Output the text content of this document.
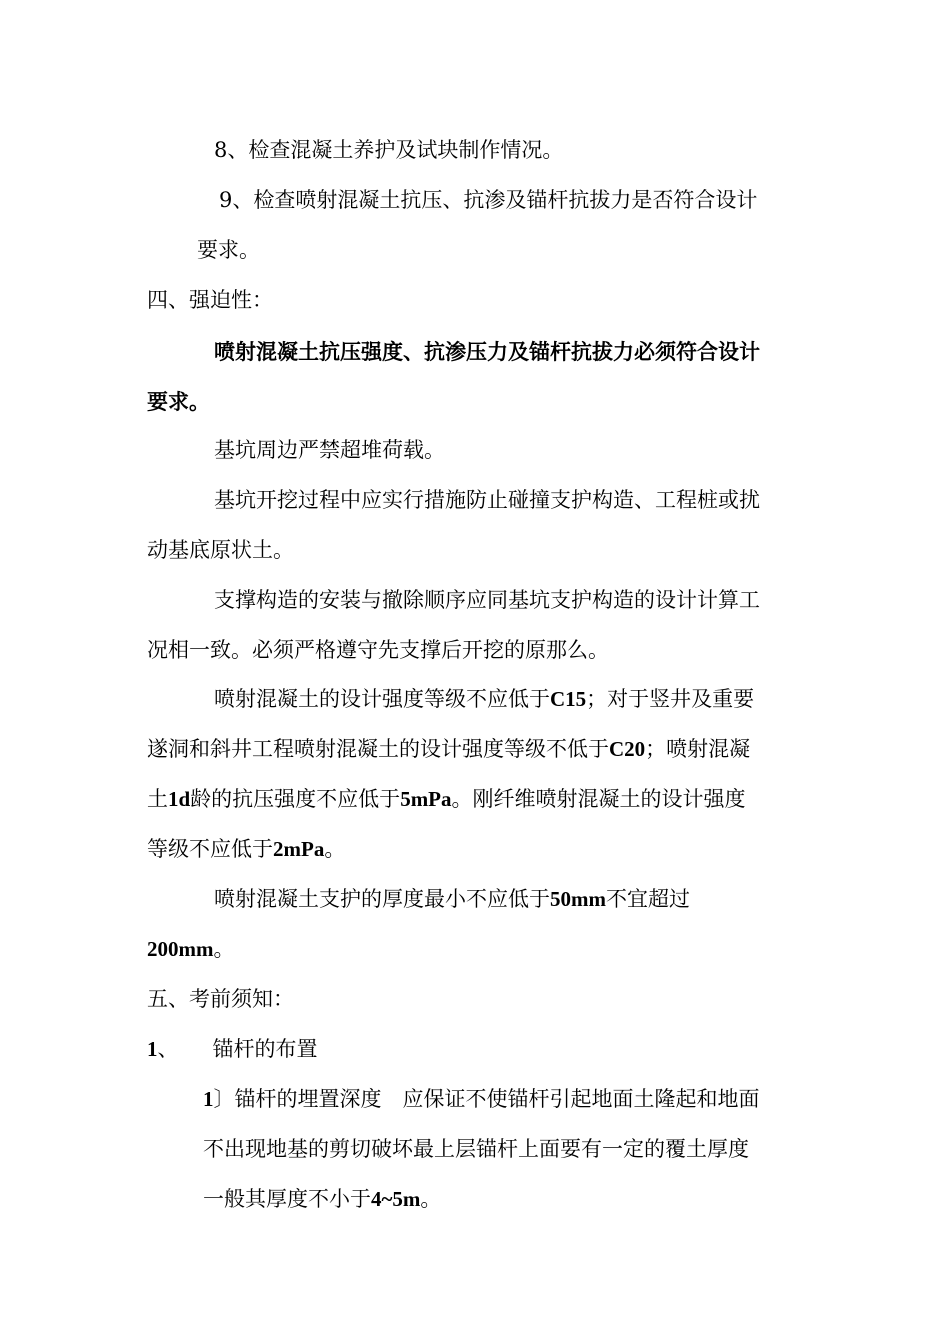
8、检查混凝土养护及试块制作情况。
9、检查喷射混凝土抗压、抗渗及锚杆抗拔力是否符合设计
要求。
四、强迫性：
喷射混凝土抗压强度、抗渗压力及锚杆抗拔力必须符合设计
要求。
基坑周边严禁超堆荷载。
基坑开挖过程中应实行措施防止碰撞支护构造、工程桩或扰
动基底原状土。
支撑构造的安装与撤除顺序应同基坑支护构造的设计计算工
况相一致。必须严格遵守先支撑后开挖的原那么。
喷射混凝土的设计强度等级不应低于C15；对于竖井及重要
遂洞和斜井工程喷射混凝土的设计强度等级不低于C20；喷射混凝
土1d龄的抗压强度不应低于5mPa。刚纤维喷射混凝土的设计强度
等级不应低于2mPa。
喷射混凝土支护的厚度最小不应低于50mm不宜超过
200mm。
五、考前须知：
1、 锚杆的布置
1〕锚杆的埋置深度　应保证不使锚杆引起地面土隆起和地面
不出现地基的剪切破坏最上层锚杆上面要有一定的覆土厚度
一般其厚度不小于4~5m。
